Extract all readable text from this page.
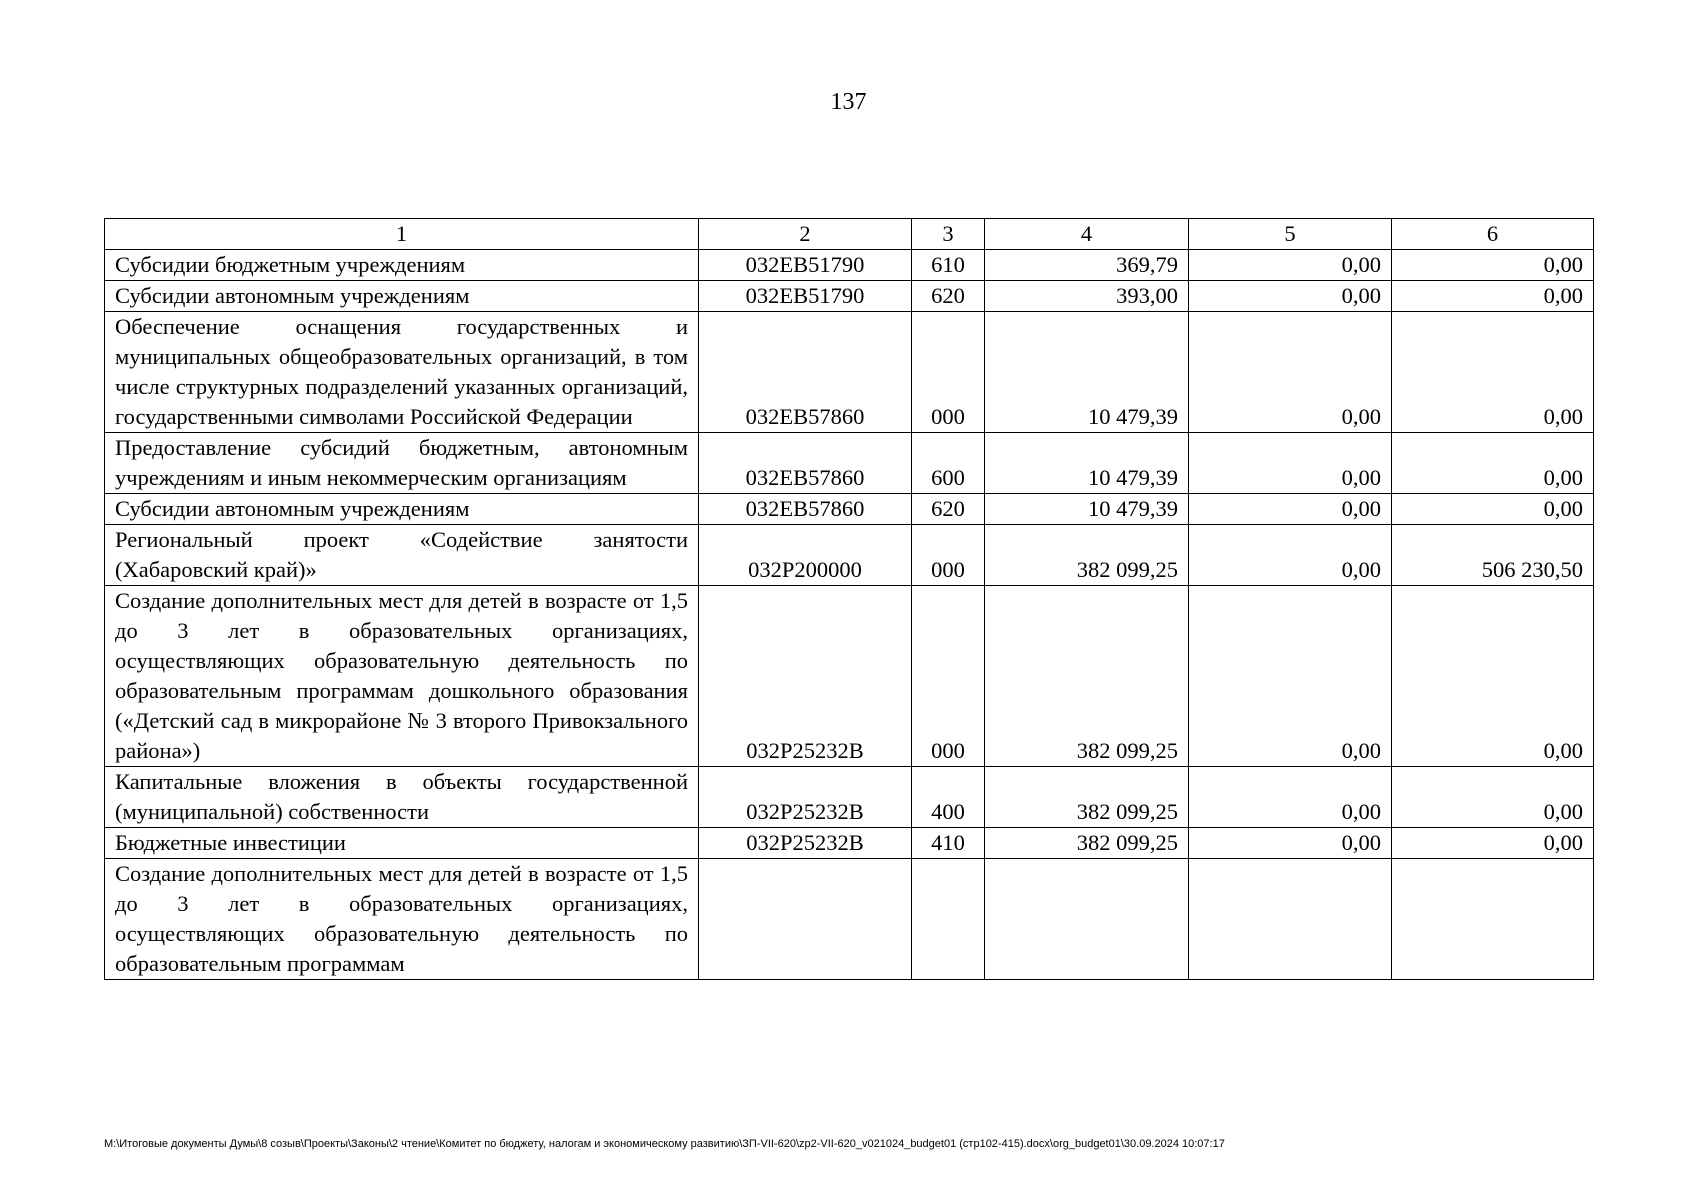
137
1	2	3	4	5	6
Субсидии бюджетным учреждениям	032EB51790	610	369,79	0,00	0,00
Субсидии автономным учреждениям	032EB51790	620	393,00	0,00	0,00
Обеспечение оснащения государственных и муниципальных общеобразовательных организаций, в том числе структурных подразделений указанных организаций, государственными символами Российской Федерации	032EB57860	000	10 479,39	0,00	0,00
Предоставление субсидий бюджетным, автономным учреждениям и иным некоммерческим организациям	032EB57860	600	10 479,39	0,00	0,00
Субсидии автономным учреждениям	032EB57860	620	10 479,39	0,00	0,00
Региональный проект «Содействие занятости (Хабаровский край)»	032Р200000	000	382 099,25	0,00	506 230,50
Создание дополнительных мест для детей в возрасте от 1,5 до 3 лет в образовательных организациях, осуществляющих образовательную деятельность по образовательным программам дошкольного образования («Детский сад в микрорайоне № 3 второго Привокзального района»)	032Р25232В	000	382 099,25	0,00	0,00
Капитальные вложения в объекты государственной (муниципальной) собственности	032Р25232В	400	382 099,25	0,00	0,00
Бюджетные инвестиции	032Р25232В	410	382 099,25	0,00	0,00
Создание дополнительных мест для детей в возрасте от 1,5 до 3 лет в образовательных организациях, осуществляющих образовательную деятельность по образовательным программам					
М:\Итоговые документы Думы\8 созыв\Проекты\Законы\2 чтение\Комитет по бюджету, налогам и экономическому развитию\ЗП-VII-620\zp2-VII-620_v021024_budget01 (стр102-415).docx\org_budget01\30.09.2024 10:07:17
